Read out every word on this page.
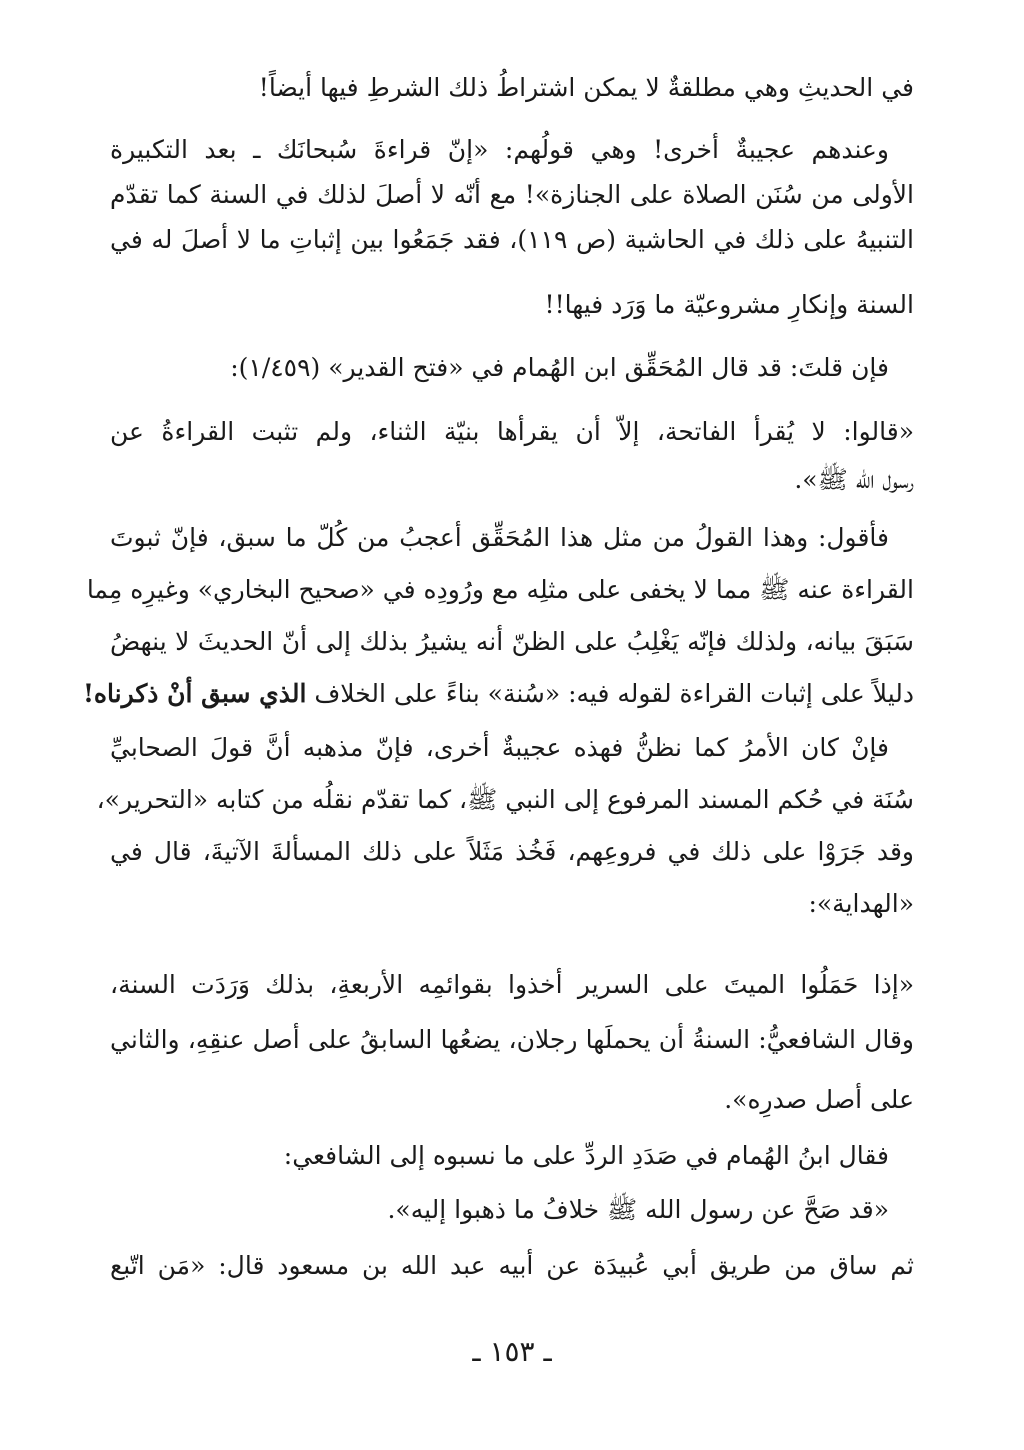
في الحديثِ وهي مطلقةٌ لا يمكن اشتراطُ ذلك الشرطِ فيها أيضاً!
وعندهم عجيبةٌ أخرى! وهي قولُهم: «إنّ قراءةَ سُبحانَك ـ بعد التكبيرة
الأولى من سُنَن الصلاة على الجنازة»! مع أنّه لا أصلَ لذلك في السنة كما تقدّم
التنبيهُ على ذلك في الحاشية (ص ١١٩)، فقد جَمَعُوا بين إثباتِ ما لا أصلَ له في
السنة وإنكارِ مشروعيّة ما وَرَد فيها!!
فإن قلتَ: قد قال المُحَقِّق ابن الهُمام في «فتح القدير» (١/٤٥٩):
«قالوا: لا يُقرأ الفاتحة، إلاّ أن يقرأها بنيّة الثناء، ولم تثبت القراءةُ عن
رسول الله ﷺ».
فأقول: وهذا القولُ من مثل هذا المُحَقِّق أعجبُ من كُلّ ما سبق، فإنّ ثبوتَ
القراءة عنه ﷺ مما لا يخفى على مثلِه مع ورُودِه في «صحيح البخاري» وغيرِه مِما
سَبَقَ بيانه، ولذلك فإنّه يَغْلِبُ على الظنّ أنه يشيرُ بذلك إلى أنّ الحديثَ لا ينهضُ
دليلاً على إثبات القراءة لقوله فيه: «سُنة» بناءً على الخلاف الذي سبق أنْ ذكرناه!
فإنْ كان الأمرُ كما نظنُّ فهذه عجيبةٌ أخرى، فإنّ مذهبه أنَّ قولَ الصحابيِّ
سُنَة في حُكم المسند المرفوع إلى النبي ﷺ، كما تقدّم نقلُه من كتابه «التحرير»،
وقد جَرَوْا على ذلك في فروعِهم، فَخُذ مَثَلاً على ذلك المسألةَ الآتيةَ، قال في
«الهداية»:
«إذا حَمَلُوا الميتَ على السرير أخذوا بقوائمِه الأربعةِ، بذلك وَرَدَت السنة،
وقال الشافعيُّ: السنةُ أن يحملَها رجلان، يضعُها السابقُ على أصل عنقِهِ، والثاني
على أصل صدرِه».
فقال ابنُ الهُمام في صَدَدِ الردِّ على ما نسبوه إلى الشافعي:
«قد صَحَّ عن رسول الله ﷺ خلافُ ما ذهبوا إليه».
ثم ساق من طريق أبي عُبيدَة عن أبيه عبد الله بن مسعود قال: «مَن اتّبع
ـ ١٥٣ ـ
